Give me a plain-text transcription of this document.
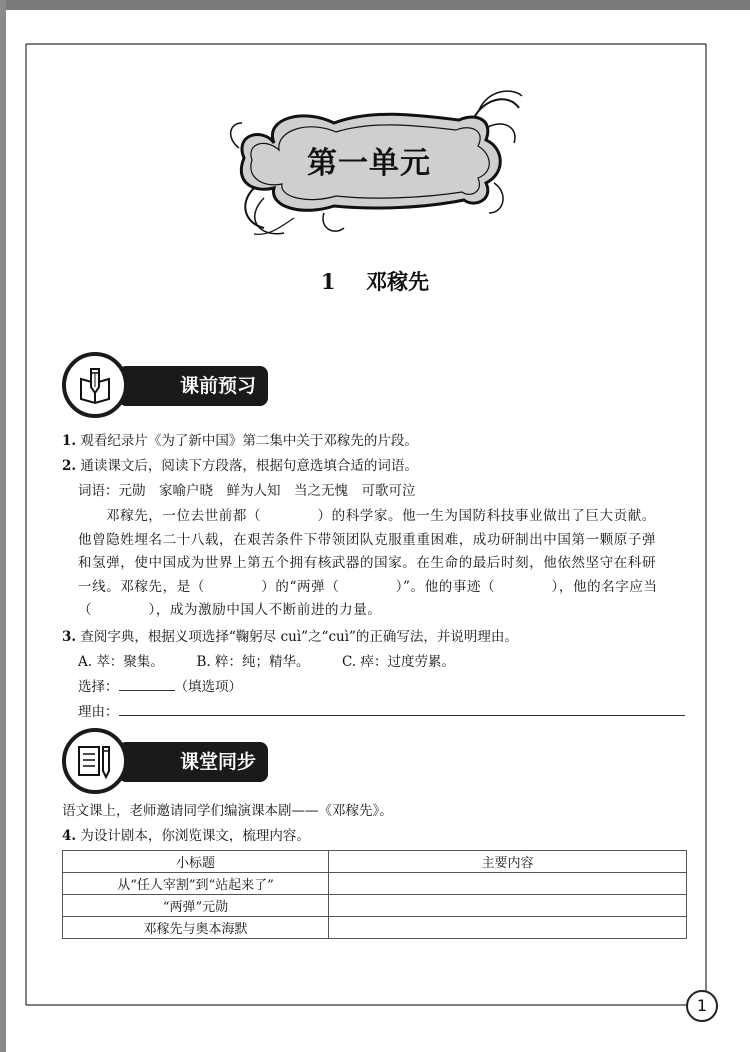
第一单元
1 邓稼先
课前预习
1. 观看纪录片《为了新中国》第二集中关于邓稼先的片段。
2. 通读课文后，阅读下方段落，根据句意选填合适的词语。
词语：元勋　家喻户晓　鲜为人知　当之无愧　可歌可泣
邓稼先，一位去世前都（　　　　）的科学家。他一生为国防科技事业做出了巨大贡献。
他曾隐姓埋名二十八载，在艰苦条件下带领团队克服重重困难，成功研制出中国第一颗原子弹
和氢弹，使中国成为世界上第五个拥有核武器的国家。在生命的最后时刻，他依然坚守在科研
一线。邓稼先，是（　　　　）的“两弹（　　　　）”。他的事迹（　　　　），他的名字应当
（　　　　），成为激励中国人不断前进的力量。
3. 查阅字典，根据义项选择“鞠躬尽 cuì”之“cuì”的正确写法，并说明理由。
A. 萃：聚集。 B. 粹：纯；精华。 C. 瘁：过度劳累。
选择：	（填选项）
理由：
课堂同步
语文课上，老师邀请同学们编演课本剧——《邓稼先》。
4. 为设计剧本，你浏览课文，梳理内容。
小标题	主要内容
从“任人宰割”到“站起来了”	
“两弹”元勋	
邓稼先与奥本海默	
1
